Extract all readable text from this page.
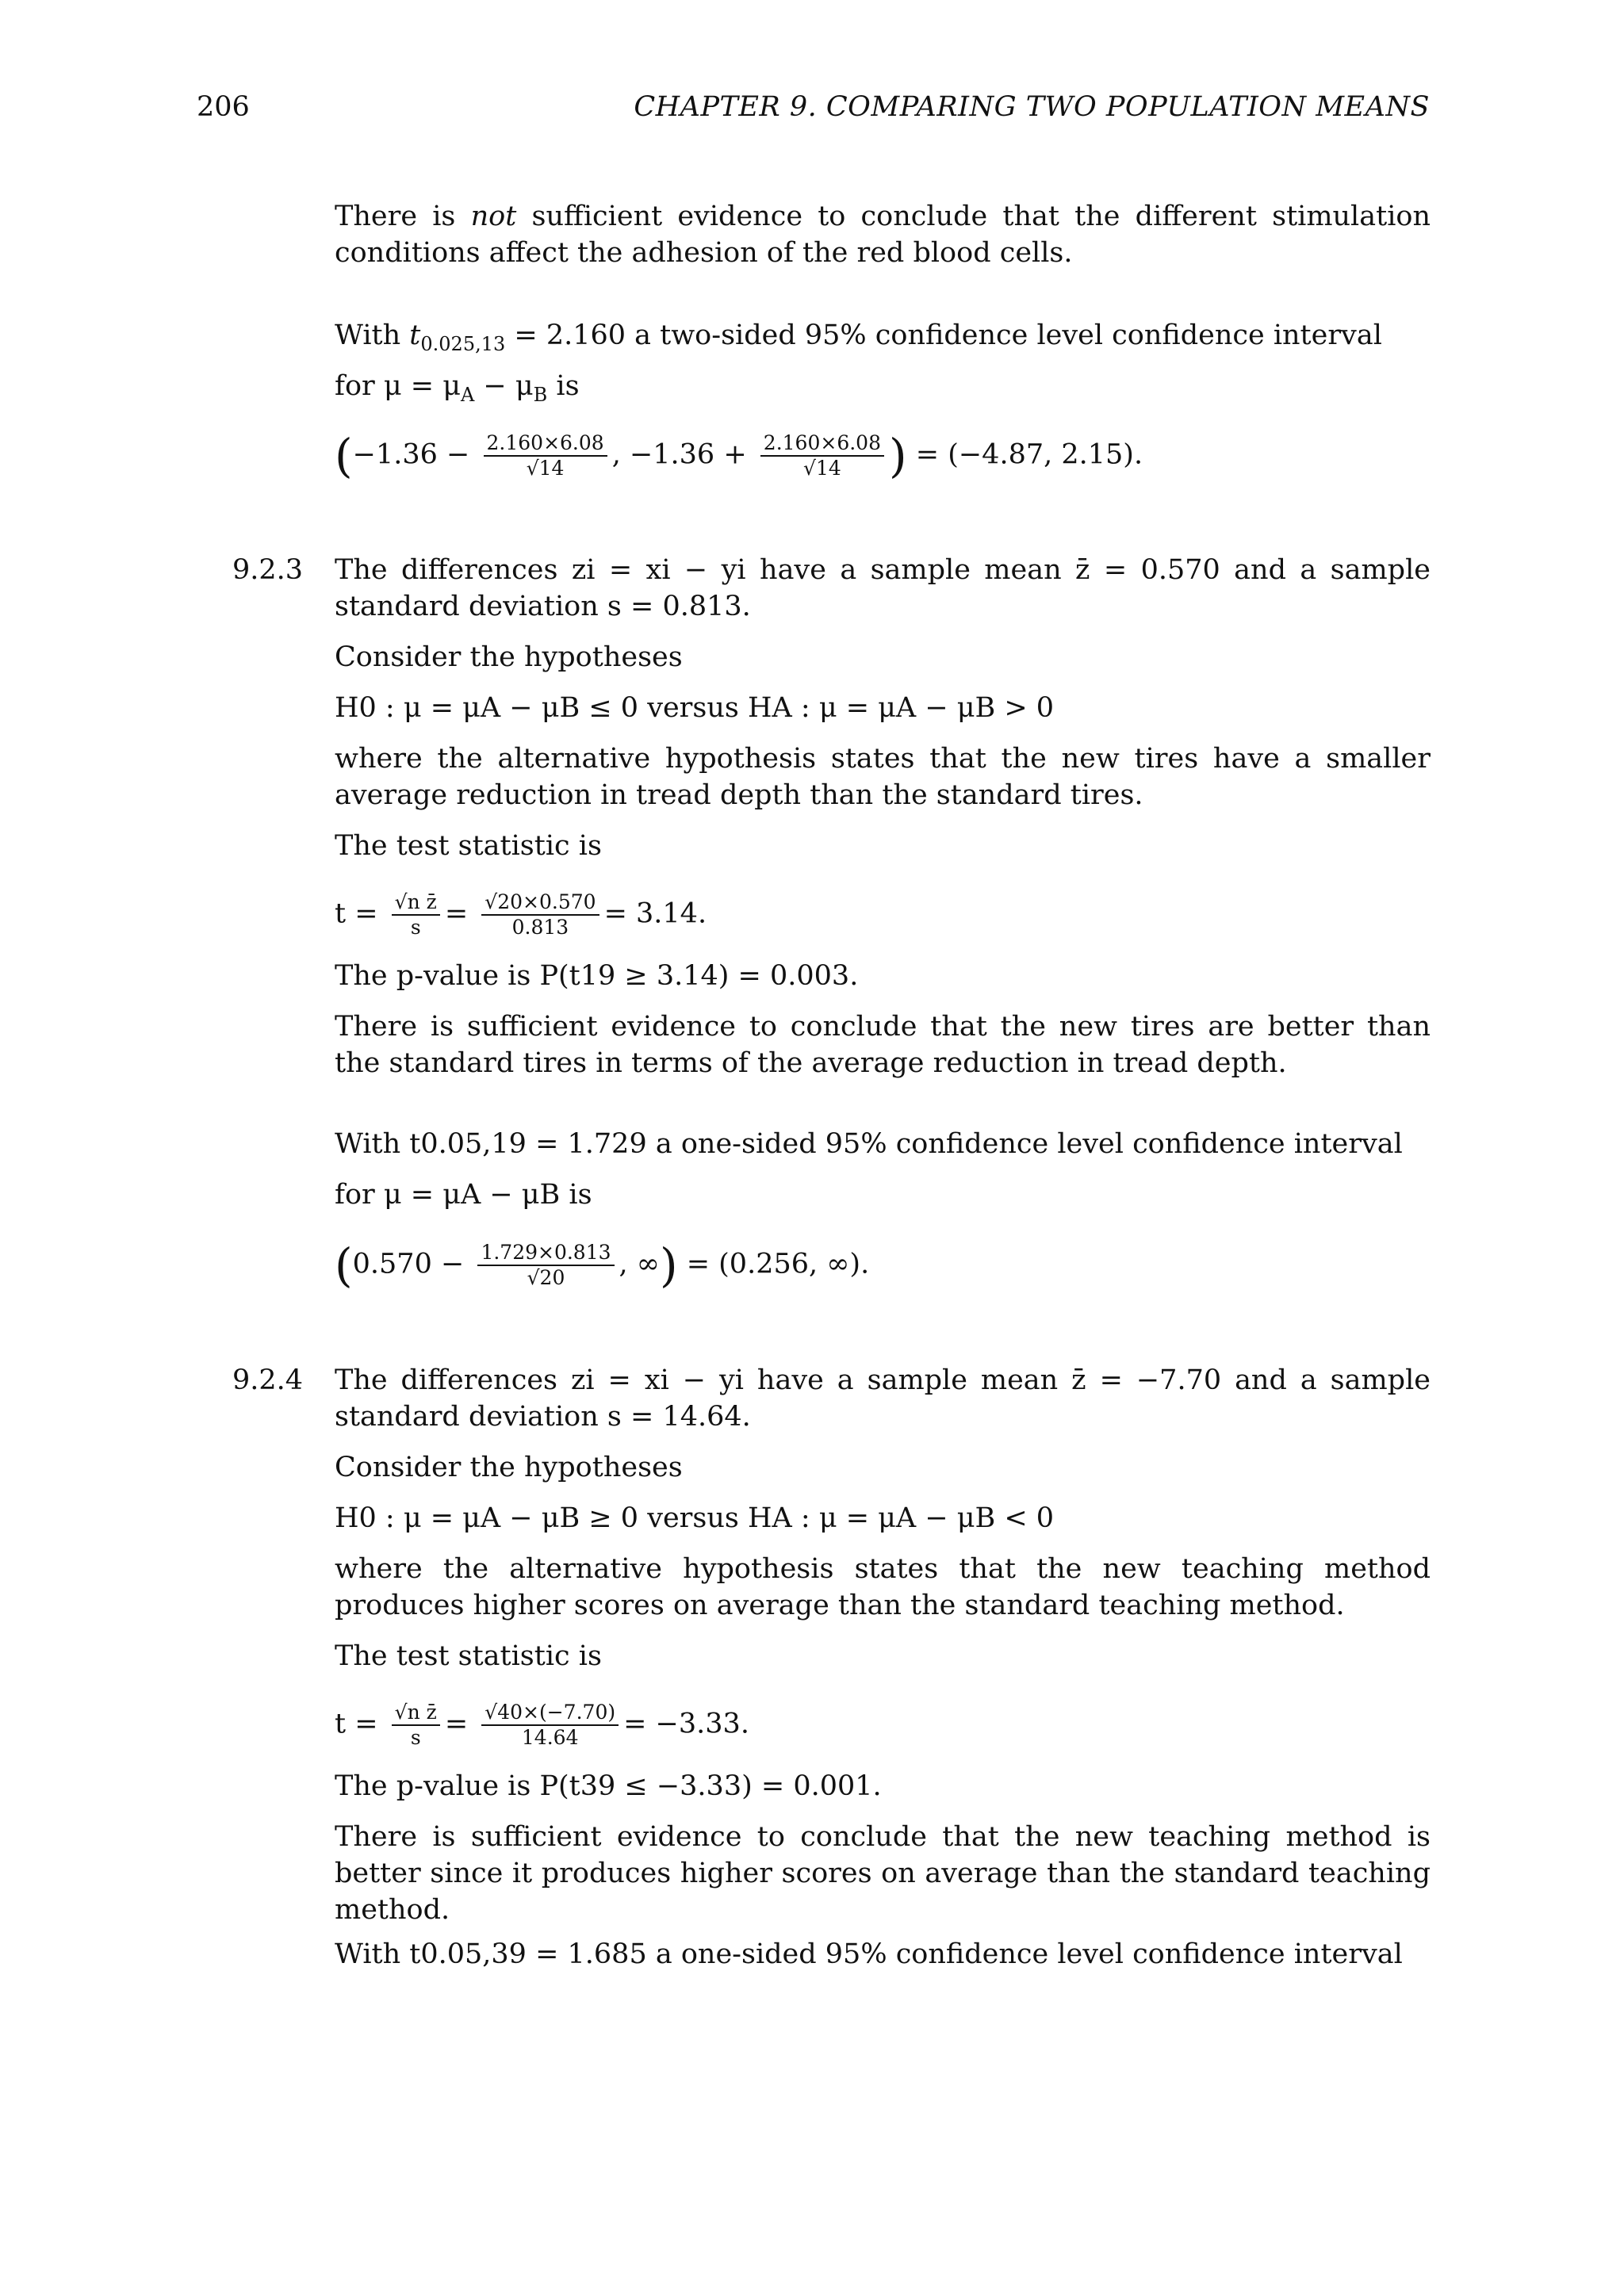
206	CHAPTER 9. COMPARING TWO POPULATION MEANS
There is not sufficient evidence to conclude that the different stimulation conditions affect the adhesion of the red blood cells.
With $t_{0.025,13} = 2.160$ a two-sided 95% confidence level confidence interval
for $\mu = \mu_A - \mu_B$ is
($-1.36 - \frac{2.160\times 6.08}{√14}$ , $-1.36 + \frac{2.160\times 6.08}{√14}$ ) = (−4.87, 2.15).
9.2.3 The differences zi = xi − yi have a sample mean z̄ = 0.570 and a sample standard deviation s = 0.813.
Consider the hypotheses
H0 : μ = μA − μB ≤ 0 versus HA : μ = μA − μB > 0
where the alternative hypothesis states that the new tires have a smaller average reduction in tread depth than the standard tires.
The test statistic is
$t = \frac{\text{√n z̄}}{s} = \frac{√20\times 0.570}{0.813} = 3.14$.
The p-value is P(t19 ≥ 3.14) = 0.003.
There is sufficient evidence to conclude that the new tires are better than the standard tires in terms of the average reduction in tread depth.
With t0.05,19 = 1.729 a one-sided 95% confidence level confidence interval
for μ = μA − μB is
($0.570 - \frac{1.729\times 0.813}{√20}$ , ∞) = (0.256, ∞).
9.2.4 The differences zi = xi − yi have a sample mean z̄ = −7.70 and a sample standard deviation s = 14.64.
Consider the hypotheses
H0 : μ = μA − μB ≥ 0 versus HA : μ = μA − μB < 0
where the alternative hypothesis states that the new teaching method produces higher scores on average than the standard teaching method.
The test statistic is
$t = \frac{\text{√n z̄}}{s} = \frac{√40\times(-7.70)}{14.64} = -3.33$.
The p-value is P(t39 ≤ −3.33) = 0.001.
There is sufficient evidence to conclude that the new teaching method is better since it produces higher scores on average than the standard teaching method.
With t0.05,39 = 1.685 a one-sided 95% confidence level confidence interval
